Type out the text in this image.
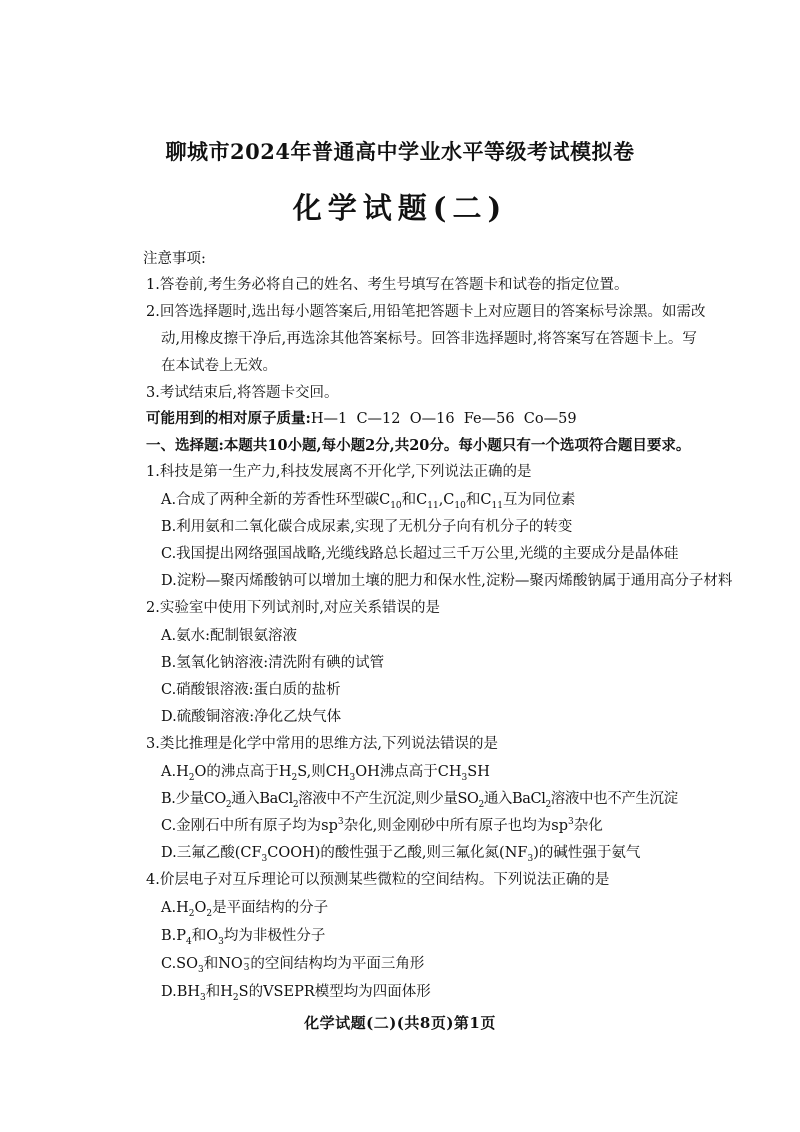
聊城市2024年普通高中学业水平等级考试模拟卷
化学试题(二)
注意事项:
1.答卷前,考生务必将自己的姓名、考生号填写在答题卡和试卷的指定位置。
2.回答选择题时,选出每小题答案后,用铅笔把答题卡上对应题目的答案标号涂黑。如需改
动,用橡皮擦干净后,再选涂其他答案标号。回答非选择题时,将答案写在答题卡上。写
在本试卷上无效。
3.考试结束后,将答题卡交回。
可能用到的相对原子质量:H—1  C—12  O—16  Fe—56  Co—59
一、选择题:本题共10小题,每小题2分,共20分。每小题只有一个选项符合题目要求。
1.科技是第一生产力,科技发展离不开化学,下列说法正确的是
A.合成了两种全新的芳香性环型碳$C_{10}$和$C_{11},C_{10}$和$C_{11}$互为同位素
B.利用氨和二氧化碳合成尿素,实现了无机分子向有机分子的转变
C.我国提出网络强国战略,光缆线路总长超过三千万公里,光缆的主要成分是晶体硅
D.淀粉—聚丙烯酸钠可以增加土壤的肥力和保水性,淀粉—聚丙烯酸钠属于通用高分子材料
2.实验室中使用下列试剂时,对应关系错误的是
A.氨水:配制银氨溶液
B.氢氧化钠溶液:清洗附有碘的试管
C.硝酸银溶液:蛋白质的盐析
D.硫酸铜溶液:净化乙炔气体
3.类比推理是化学中常用的思维方法,下列说法错误的是
$A.H_2O$的沸点高于$H_2S$,则$CH_3OH$沸点高于$CH_3SH$
B.少量$CO_2$通入BaCl$_2$溶液中不产生沉淀,则少量$SO_2$通入BaCl$_2$溶液中也不产生沉淀
C.金刚石中所有原子均为$sp^3$杂化,则金刚砂中所有原子也均为$sp^3$杂化
D.三氟乙酸$(CF_3COOH)$的酸性强于乙酸,则三氟化氮$(NF_3)$的碱性强于氨气
4.价层电子对互斥理论可以预测某些微粒的空间结构。下列说法正确的是
$A.H_2O_2$是平面结构的分子
$B.P_4$和$O_3$均为非极性分子
$C.SO_3$和NO −
3 的空间结构均为平面三角形
$D.BH_3$和$H_2S$的VSEPR模型均为四面体形
化学试题(二)(共8页)第1页
